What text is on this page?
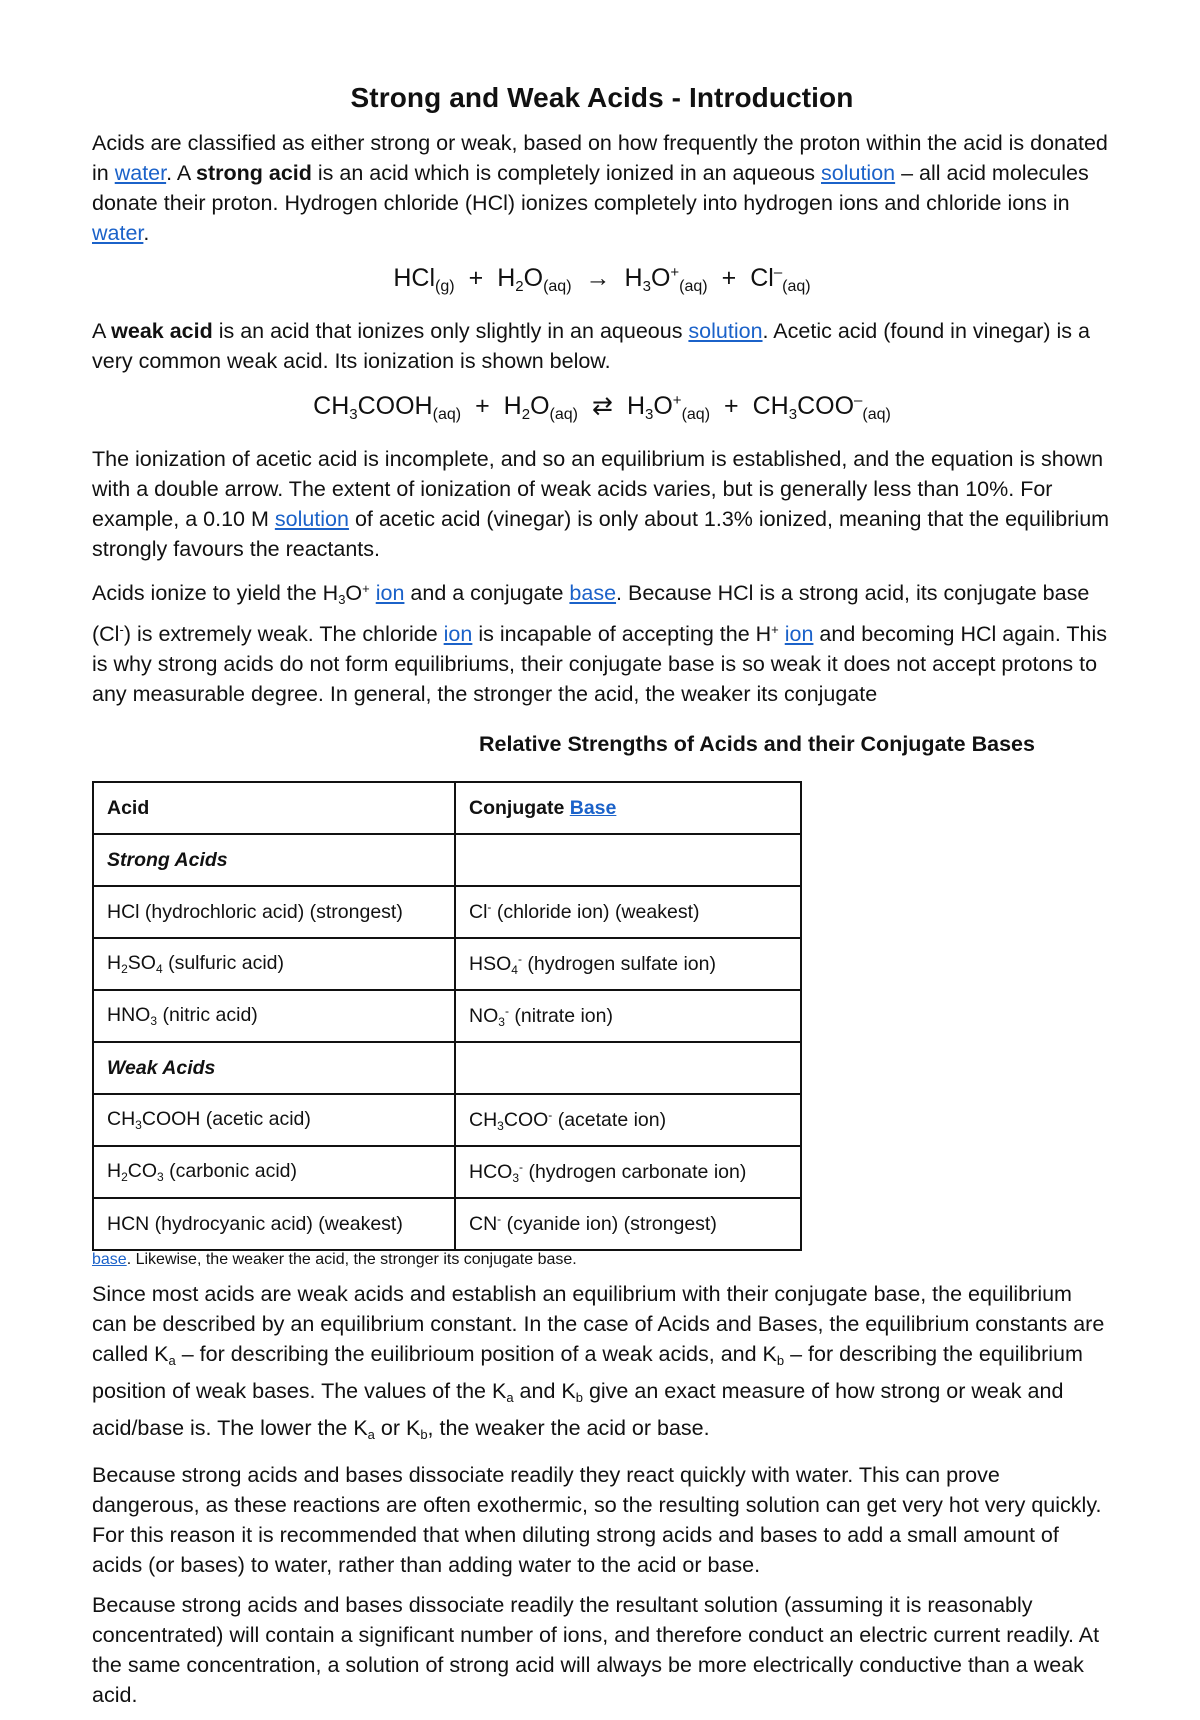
Strong and Weak Acids - Introduction

Acids are classified as either strong or weak, based on how frequently the proton within the acid is donated in water. A strong acid is an acid which is completely ionized in an aqueous solution – all acid molecules donate their proton. Hydrogen chloride (HCl) ionizes completely into hydrogen ions and chloride ions in water.

$HCl_{(g)} + H_2O_{(aq)} \to H_3O^+_{(aq)} + Cl^-_{(aq)}$

A weak acid is an acid that ionizes only slightly in an aqueous solution. Acetic acid (found in vinegar) is a very common weak acid. Its ionization is shown below.

$CH_3COOH_{(aq)} + H_2O_{(aq)}$ ⇄ $H_3O^+_{(aq)} + CH_3COO^-_{(aq)}$

The ionization of acetic acid is incomplete, and so an equilibrium is established, and the equation is shown with a double arrow. The extent of ionization of weak acids varies, but is generally less than 10%. For example, a 0.10 M solution of acetic acid (vinegar) is only about 1.3% ionized, meaning that the equilibrium strongly favours the reactants.

Acids ionize to yield the H3O+ ion and a conjugate base. Because HCl is a strong acid, its conjugate base (Cl-) is extremely weak. The chloride ion is incapable of accepting the H+ ion and becoming HCl again. This is why strong acids do not form equilibriums, their conjugate base is so weak it does not accept protons to any measurable degree. In general, the stronger the acid, the weaker its conjugate
Relative Strengths of Acids and their Conjugate Bases

Acid	Conjugate Base
Strong Acids	
HCl (hydrochloric acid) (strongest)	Cl- (chloride ion) (weakest)
$H_2SO_4$ (sulfuric acid)	$HSO_4^-$ (hydrogen sulfate ion)
$HNO_3$ (nitric acid)	$NO_3^-$ (nitrate ion)
Weak Acids	
$CH_3COOH$ (acetic acid)	$CH_3COO^-$ (acetate ion)
$H_2CO_3$ (carbonic acid)	$HCO_3^-$ (hydrogen carbonate ion)
HCN (hydrocyanic acid) (weakest)	CN- (cyanide ion) (strongest)
base. Likewise, the weaker the acid, the stronger its conjugate base.

Since most acids are weak acids and establish an equilibrium with their conjugate base, the equilibrium can be described by an equilibrium constant. In the case of Acids and Bases, the equilibrium constants are called Ka – for describing the euilibrioum position of a weak acids, and Kb – for describing the equilibrium position of weak bases. The values of the Ka and Kb give an exact measure of how strong or weak and acid/base is. The lower the Ka or Kb, the weaker the acid or base.

Because strong acids and bases dissociate readily they react quickly with water. This can prove dangerous, as these reactions are often exothermic, so the resulting solution can get very hot very quickly. For this reason it is recommended that when diluting strong acids and bases to add a small amount of acids (or bases) to water, rather than adding water to the acid or base.

Because strong acids and bases dissociate readily the resultant solution (assuming it is reasonably concentrated) will contain a significant number of ions, and therefore conduct an electric current readily. At the same concentration, a solution of strong acid will always be more electrically conductive than a weak acid.
